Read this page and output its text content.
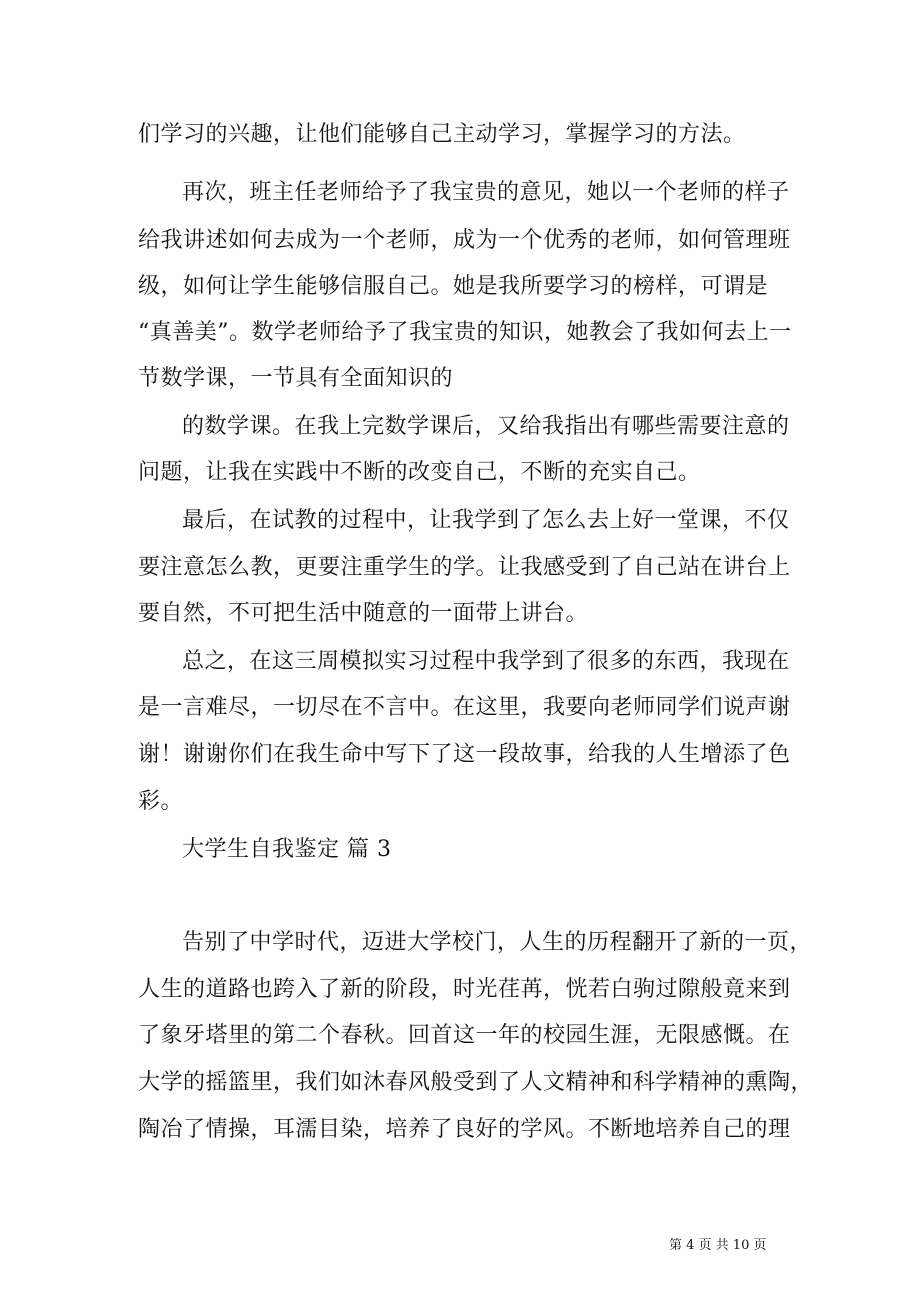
们学习的兴趣，让他们能够自己主动学习，掌握学习的方法。
再次，班主任老师给予了我宝贵的意见，她以一个老师的样子
给我讲述如何去成为一个老师，成为一个优秀的老师，如何管理班
级，如何让学生能够信服自己。她是我所要学习的榜样，可谓是
“真善美”。数学老师给予了我宝贵的知识，她教会了我如何去上一
节数学课，一节具有全面知识的
的数学课。在我上完数学课后，又给我指出有哪些需要注意的
问题，让我在实践中不断的改变自己，不断的充实自己。
最后，在试教的过程中，让我学到了怎么去上好一堂课，不仅
要注意怎么教，更要注重学生的学。让我感受到了自己站在讲台上
要自然，不可把生活中随意的一面带上讲台。
总之，在这三周模拟实习过程中我学到了很多的东西，我现在
是一言难尽，一切尽在不言中。在这里，我要向老师同学们说声谢
谢！谢谢你们在我生命中写下了这一段故事，给我的人生增添了色
彩。
大学生自我鉴定 篇 3
告别了中学时代，迈进大学校门，人生的历程翻开了新的一页，
人生的道路也跨入了新的阶段，时光荏苒，恍若白驹过隙般竟来到
了象牙塔里的第二个春秋。回首这一年的校园生涯，无限感慨。在
大学的摇篮里，我们如沐春风般受到了人文精神和科学精神的熏陶，
陶冶了情操，耳濡目染，培养了良好的学风。不断地培养自己的理
第 4 页 共 10 页
